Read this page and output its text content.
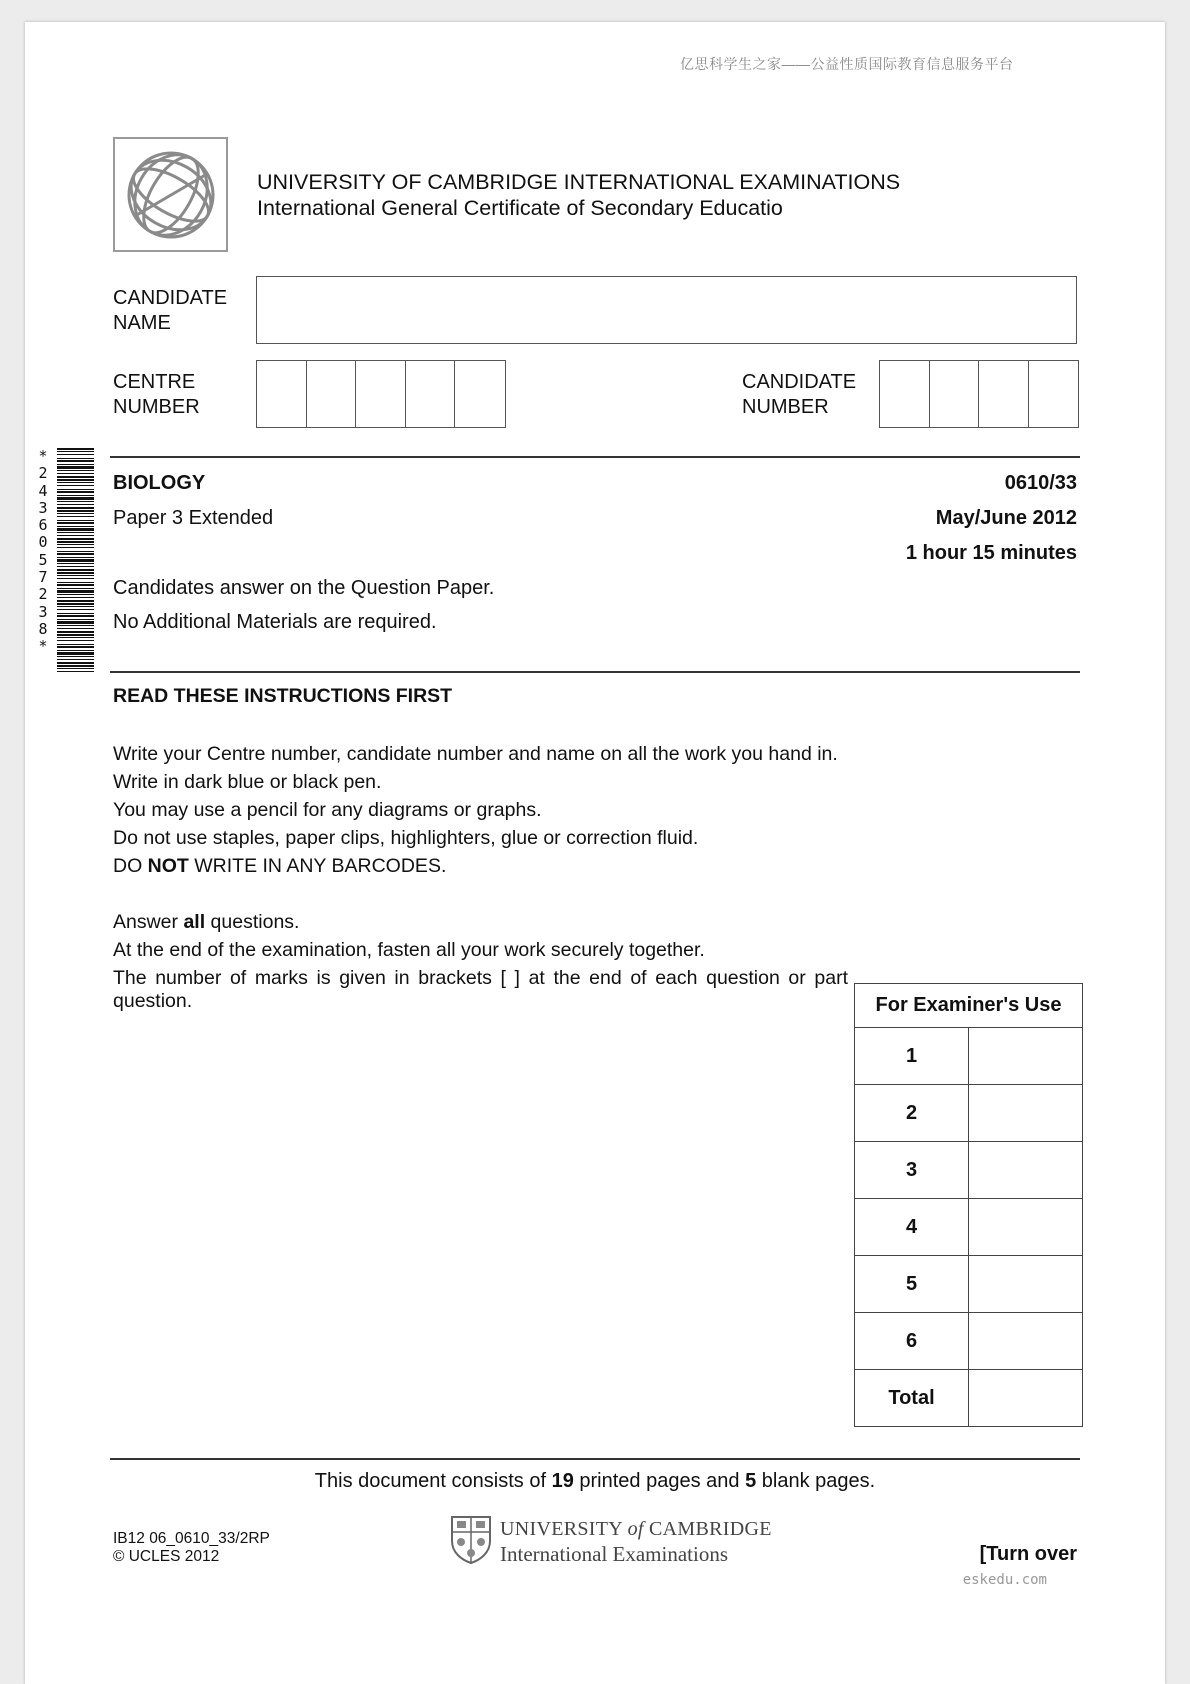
亿思科学生之家——公益性质国际教育信息服务平台
UNIVERSITY OF CAMBRIDGE INTERNATIONAL EXAMINATIONS
International General Certificate of Secondary Educatio
CANDIDATE
NAME
CENTRE
NUMBER
CANDIDATE
NUMBER
*
2
4
3
6
0
5
7
2
3
8
*
BIOLOGY	0610/33
Paper 3 Extended	May/June 2012
1 hour 15 minutes
Candidates answer on the Question Paper.
No Additional Materials are required.
READ THESE INSTRUCTIONS FIRST
Write your Centre number, candidate number and name on all the work you hand in.
Write in dark blue or black pen.
You may use a pencil for any diagrams or graphs.
Do not use staples, paper clips, highlighters, glue or correction fluid.
DO NOT WRITE IN ANY BARCODES.
Answer all questions.
At the end of the examination, fasten all your work securely together.
The number of marks is given in brackets [ ] at the end of each question or part
question.	For Examiner's Use	
1	
2	
3	
4	
5	
6	
Total	
This document consists of 19 printed pages and 5 blank pages.
IB12 06_0610_33/2RP
© UCLES 2012
UNIVERSITY of CAMBRIDGE
International Examinations	[Turn over
eskedu.com
